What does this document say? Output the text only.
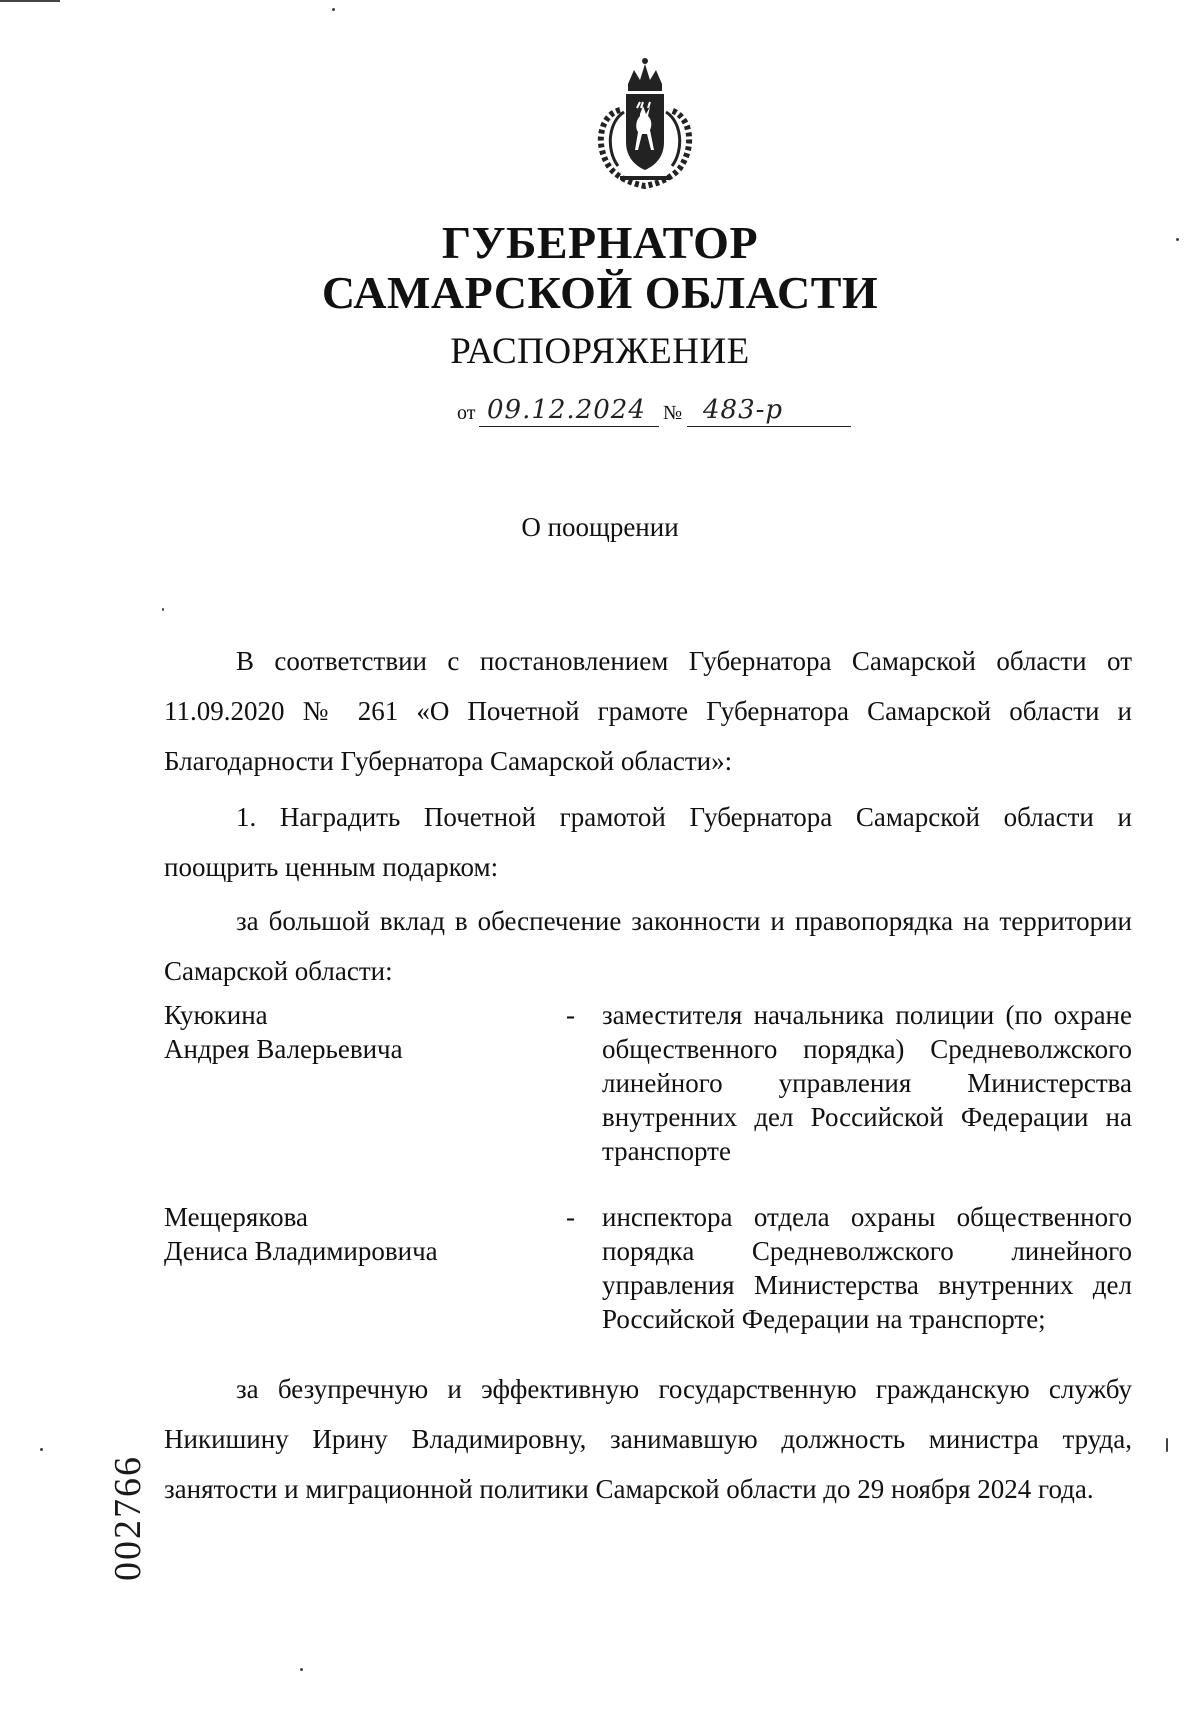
ГУБЕРНАТОР
САМАРСКОЙ ОБЛАСТИ
РАСПОРЯЖЕНИЕ
от 09.12.2024 № 483-р
О поощрении
В соответствии с постановлением Губернатора Самарской области от 11.09.2020 № 261 «О Почетной грамоте Губернатора Самарской области и Благодарности Губернатора Самарской области»:
1. Наградить Почетной грамотой Губернатора Самарской области и поощрить ценным подарком:
за большой вклад в обеспечение законности и правопорядка на территории Самарской области:
Куюкина
Андрея Валерьевича
- заместителя начальника полиции (по охране общественного порядка) Средневолжского линейного управления Министерства внутренних дел Российской Федерации на транспорте
Мещерякова
Дениса Владимировича
- инспектора отдела охраны общественного порядка Средневолжского линейного управления Министерства внутренних дел Российской Федерации на транспорте;
за безупречную и эффективную государственную гражданскую службу Никишину Ирину Владимировну, занимавшую должность министра труда, занятости и миграционной политики Самарской области до 29 ноября 2024 года.
002766
